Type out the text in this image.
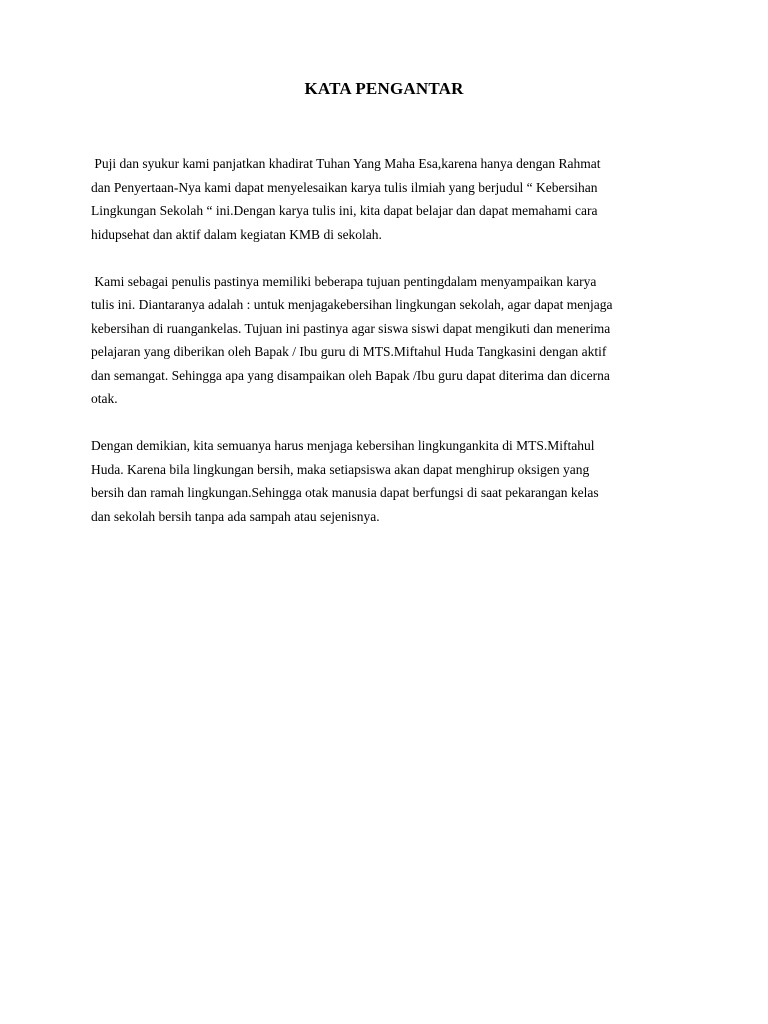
KATA PENGANTAR

Puji dan syukur kami panjatkan khadirat Tuhan Yang Maha Esa,karena hanya dengan Rahmat
dan Penyertaan-Nya kami dapat menyelesaikan karya tulis ilmiah yang berjudul “ Kebersihan
Lingkungan Sekolah “ ini.Dengan karya tulis ini, kita dapat belajar dan dapat memahami cara
hidupsehat dan aktif dalam kegiatan KMB di sekolah.

Kami sebagai penulis pastinya memiliki beberapa tujuan pentingdalam menyampaikan karya
tulis ini. Diantaranya adalah : untuk menjagakebersihan lingkungan sekolah, agar dapat menjaga
kebersihan di ruangankelas. Tujuan ini pastinya agar siswa siswi dapat mengikuti dan menerima
pelajaran yang diberikan oleh Bapak / Ibu guru di MTS.Miftahul Huda Tangkasini dengan aktif
dan semangat. Sehingga apa yang disampaikan oleh Bapak /Ibu guru dapat diterima dan dicerna
otak.

Dengan demikian, kita semuanya harus menjaga kebersihan lingkungankita di MTS.Miftahul
Huda. Karena bila lingkungan bersih, maka setiapsiswa akan dapat menghirup oksigen yang
bersih dan ramah lingkungan.Sehingga otak manusia dapat berfungsi di saat pekarangan kelas
dan sekolah bersih tanpa ada sampah atau sejenisnya.
